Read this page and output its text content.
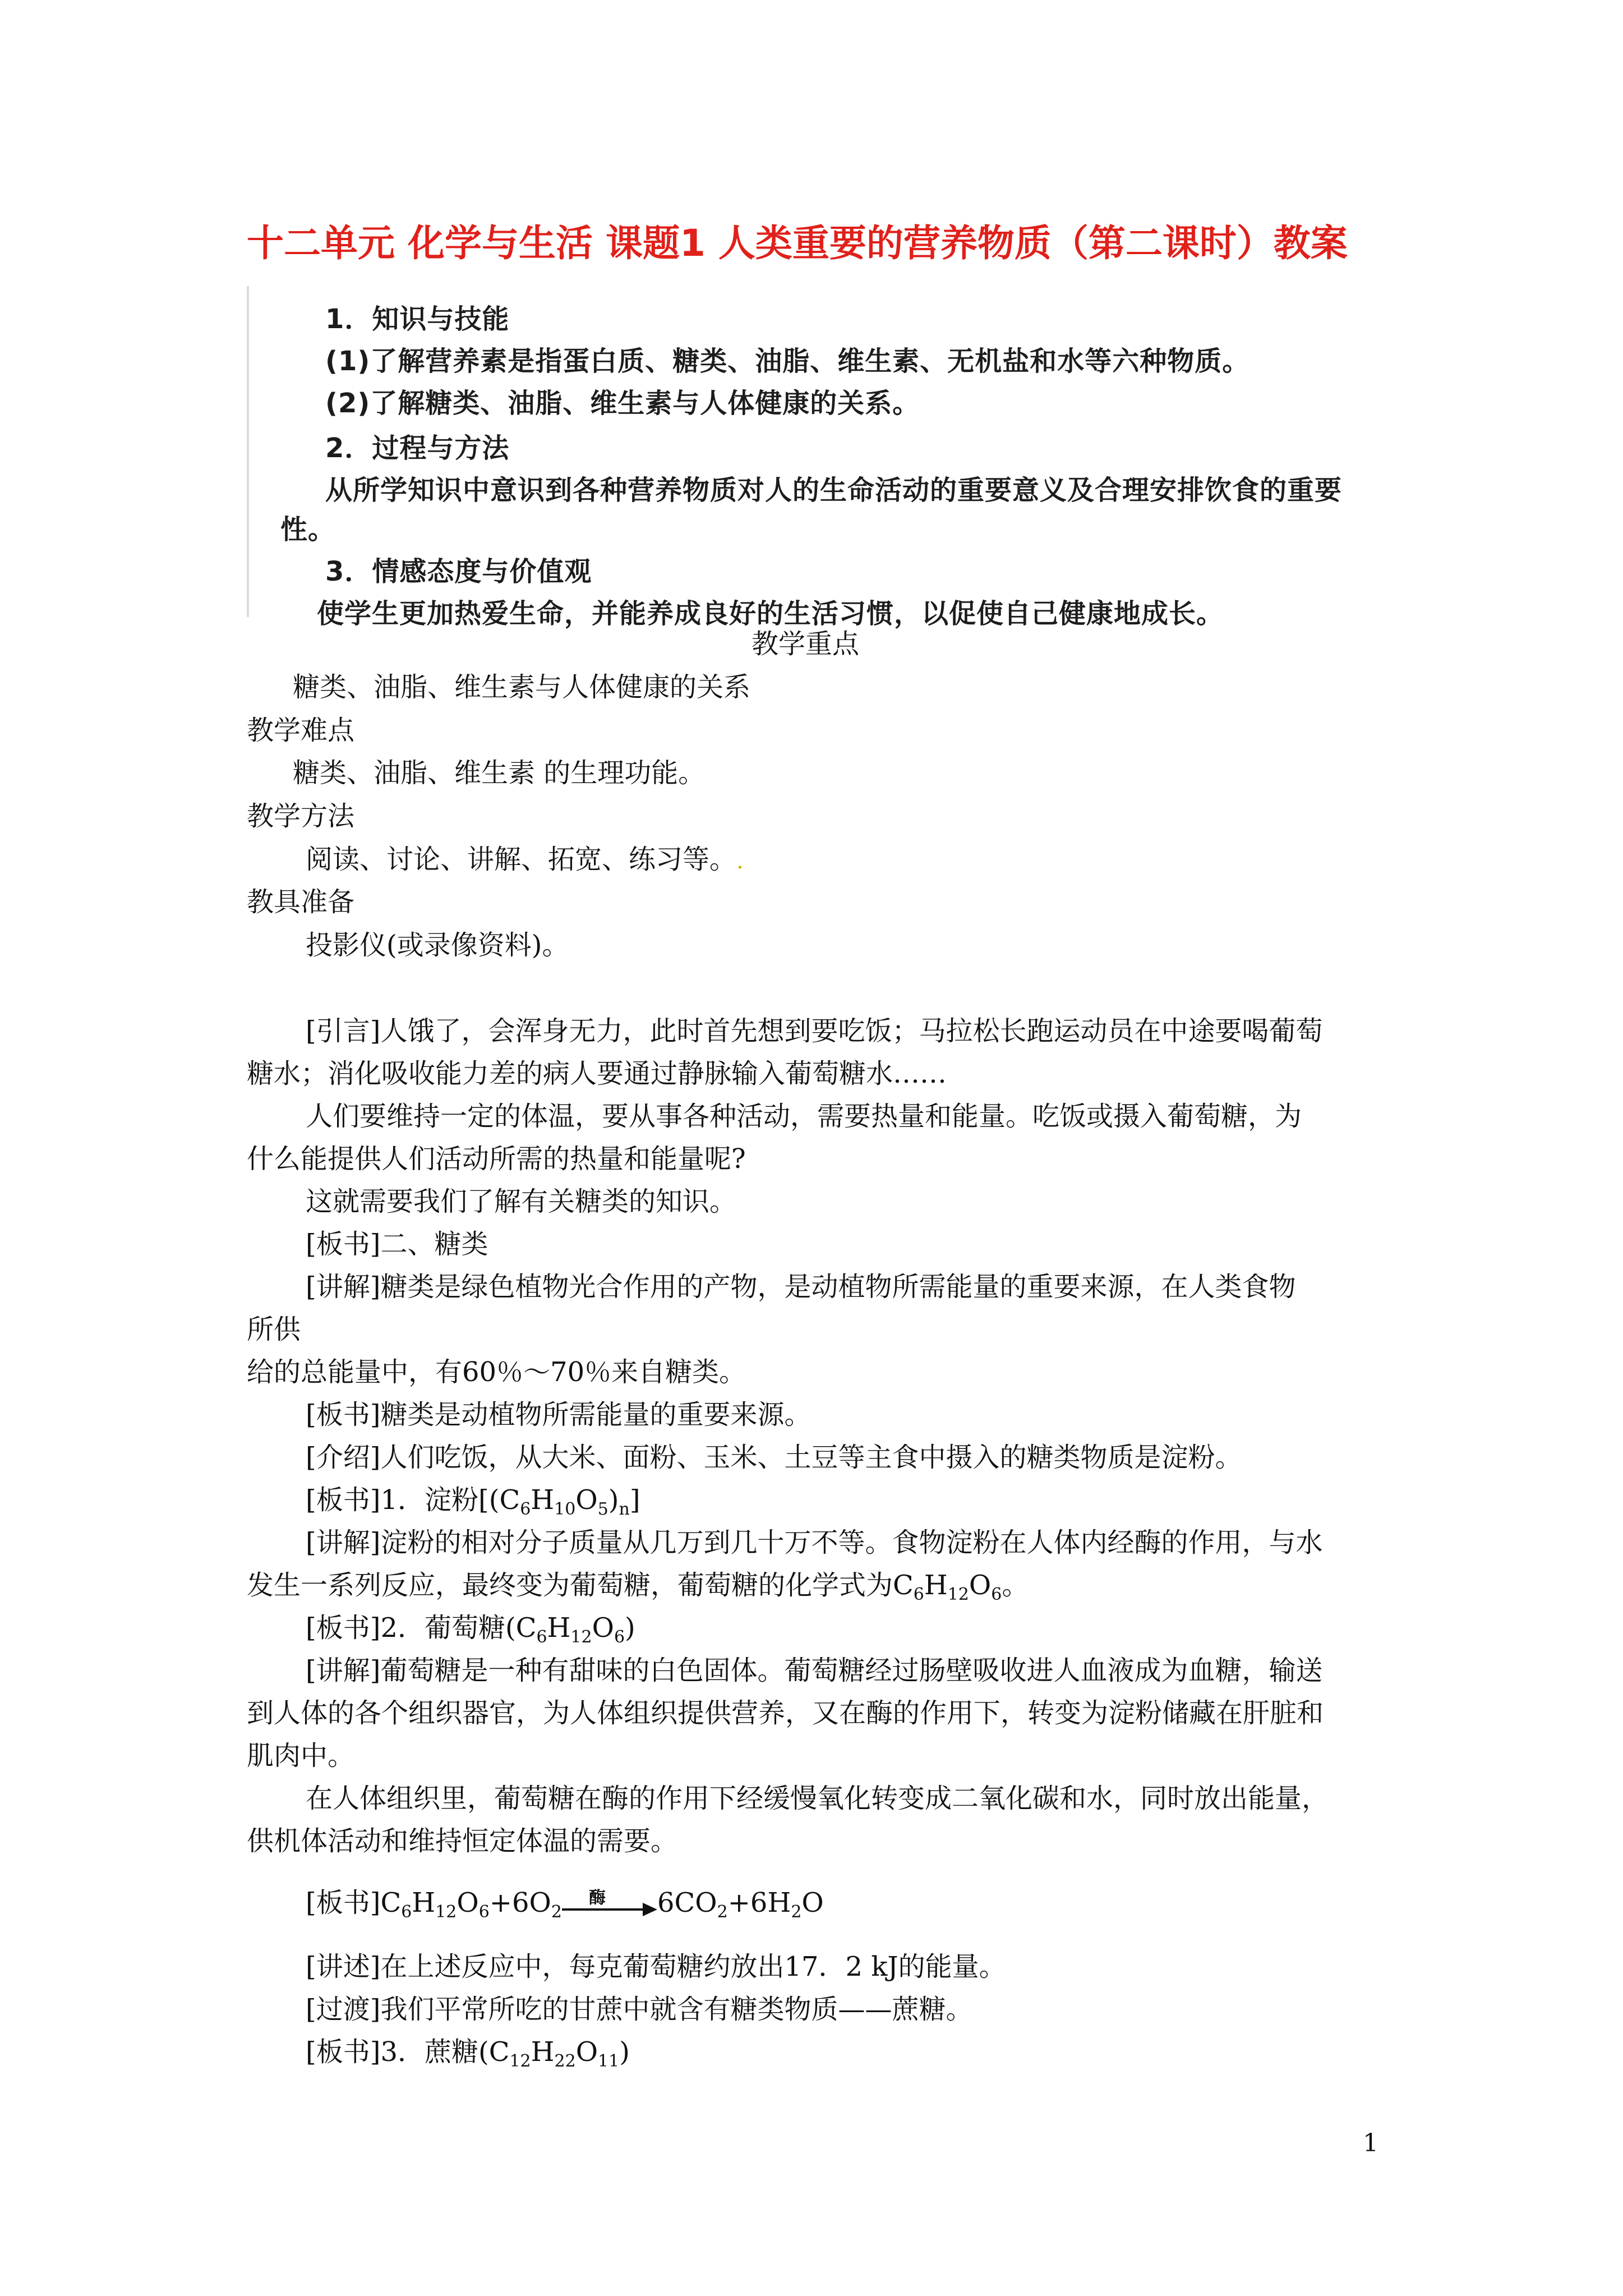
十二单元 化学与生活 课题1 人类重要的营养物质（第二课时）教案
1．知识与技能
(1)了解营养素是指蛋白质、糖类、油脂、维生素、无机盐和水等六种物质。
(2)了解糖类、油脂、维生素与人体健康的关系。
2．过程与方法
从所学知识中意识到各种营养物质对人的生命活动的重要意义及合理安排饮食的重要
性。
3．情感态度与价值观
使学生更加热爱生命，并能养成良好的生活习惯，以促使自己健康地成长。
教学重点
糖类、油脂、维生素与人体健康的关系
教学难点
糖类、油脂、维生素 的生理功能。
教学方法
阅读、讨论、讲解、拓宽、练习等。.
教具准备
投影仪(或录像资料)。
[引言]人饿了，会浑身无力，此时首先想到要吃饭；马拉松长跑运动员在中途要喝葡萄
糖水；消化吸收能力差的病人要通过静脉输入葡萄糖水……
人们要维持一定的体温，要从事各种活动，需要热量和能量。吃饭或摄入葡萄糖，为
什么能提供人们活动所需的热量和能量呢?
这就需要我们了解有关糖类的知识。
[板书]二、糖类
[讲解]糖类是绿色植物光合作用的产物，是动植物所需能量的重要来源，在人类食物
所供
给的总能量中，有60％～70％来自糖类。
[板书]糖类是动植物所需能量的重要来源。
[介绍]人们吃饭，从大米、面粉、玉米、土豆等主食中摄入的糖类物质是淀粉。
[板书]1．淀粉$[(C_6H_{10}O_5)_n]$
[讲解]淀粉的相对分子质量从几万到几十万不等。食物淀粉在人体内经酶的作用，与水
发生一系列反应，最终变为葡萄糖，葡萄糖的化学式为$C_6H_{12}O_6$。
[板书]2．葡萄糖$(C_6H_{12}O_6)$
[讲解]葡萄糖是一种有甜味的白色固体。葡萄糖经过肠壁吸收进人血液成为血糖，输送
到人体的各个组织器官，为人体组织提供营养，又在酶的作用下，转变为淀粉储藏在肝脏和
肌肉中。
在人体组织里，葡萄糖在酶的作用下经缓慢氧化转变成二氧化碳和水，同时放出能量，
供机体活动和维持恒定体温的需要。
[板书]$C_6H_{12}O_6+6O_2$
酶 $6CO_2+6H_2O$
[讲述]在上述反应中，每克葡萄糖约放出17．2 kJ的能量。
[过渡]我们平常所吃的甘蔗中就含有糖类物质——蔗糖。
[板书]3．蔗糖$(C_{12}H_{22}O_{11})$
1
